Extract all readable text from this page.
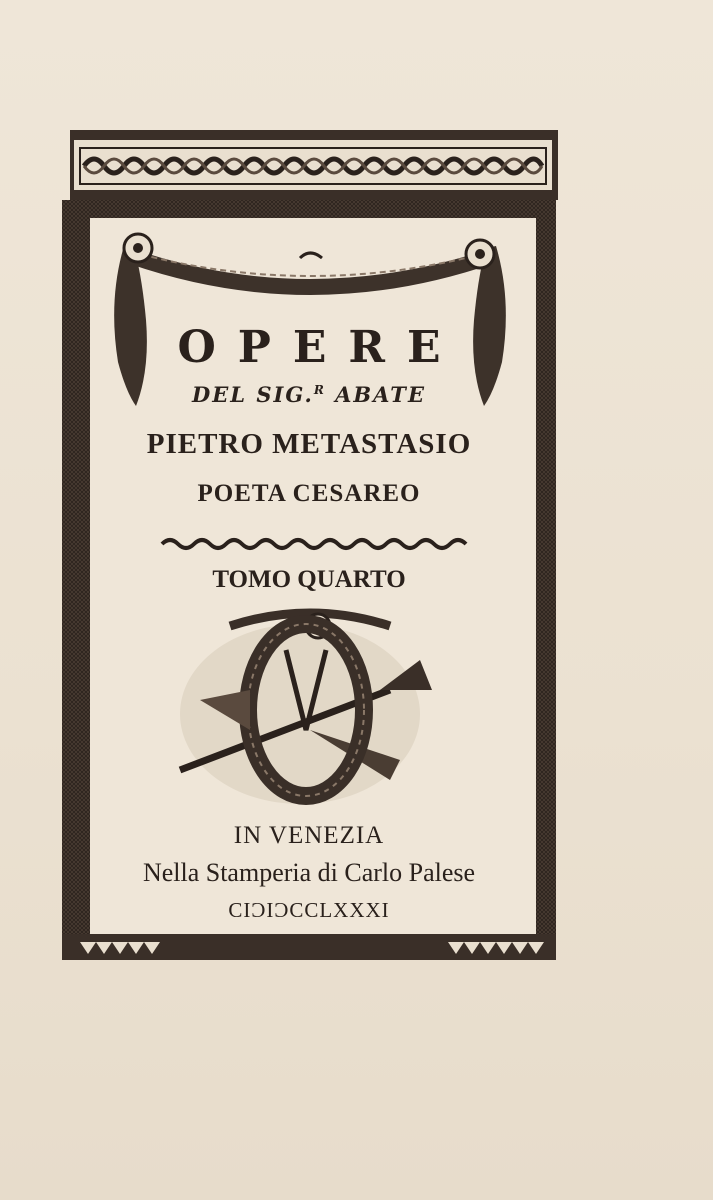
OPERE
DEL SIG.$^R$ ABATE
PIETRO METASTASIO
POETA CESAREO
TOMO QUARTO
IN VENEZIA
Nella Stamperia di Carlo Palese
CIϽIϽCCLXXXI
